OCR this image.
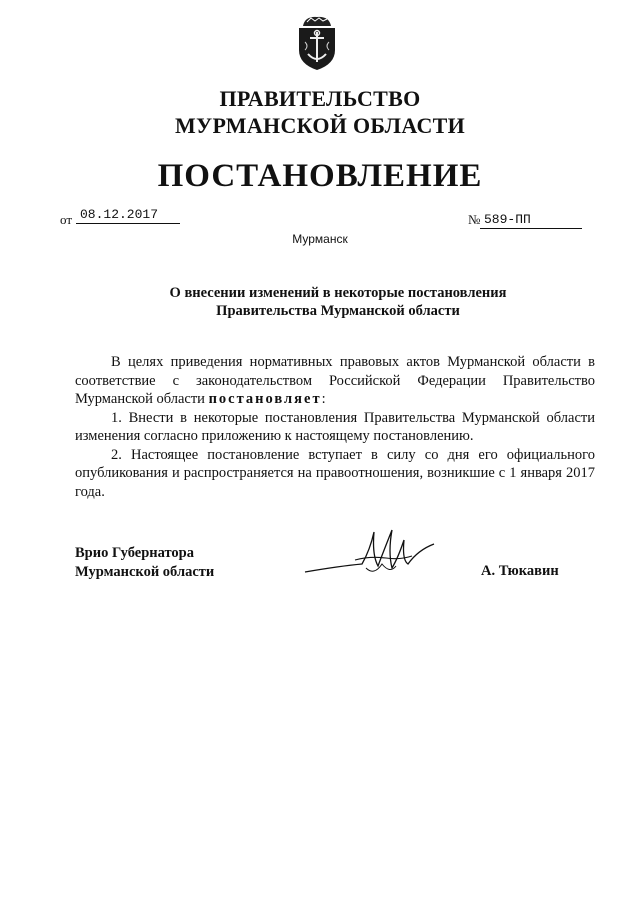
ПРАВИТЕЛЬСТВО
МУРМАНСКОЙ ОБЛАСТИ
ПОСТАНОВЛЕНИЕ
от 08.12.2017	№ 589-ПП
Мурманск
О внесении изменений в некоторые постановления
Правительства Мурманской области

В целях приведения нормативных правовых актов Мурманской области в соответствие с законодательством Российской Федерации Правительство Мурманской области постановляет:

1. Внести в некоторые постановления Правительства Мурманской области изменения согласно приложению к настоящему постановлению.

2. Настоящее постановление вступает в силу со дня его официального опубликования и распространяется на правоотношения, возникшие с 1 января 2017 года.

Врио Губернатора
Мурманской области	А. Тюкавин
